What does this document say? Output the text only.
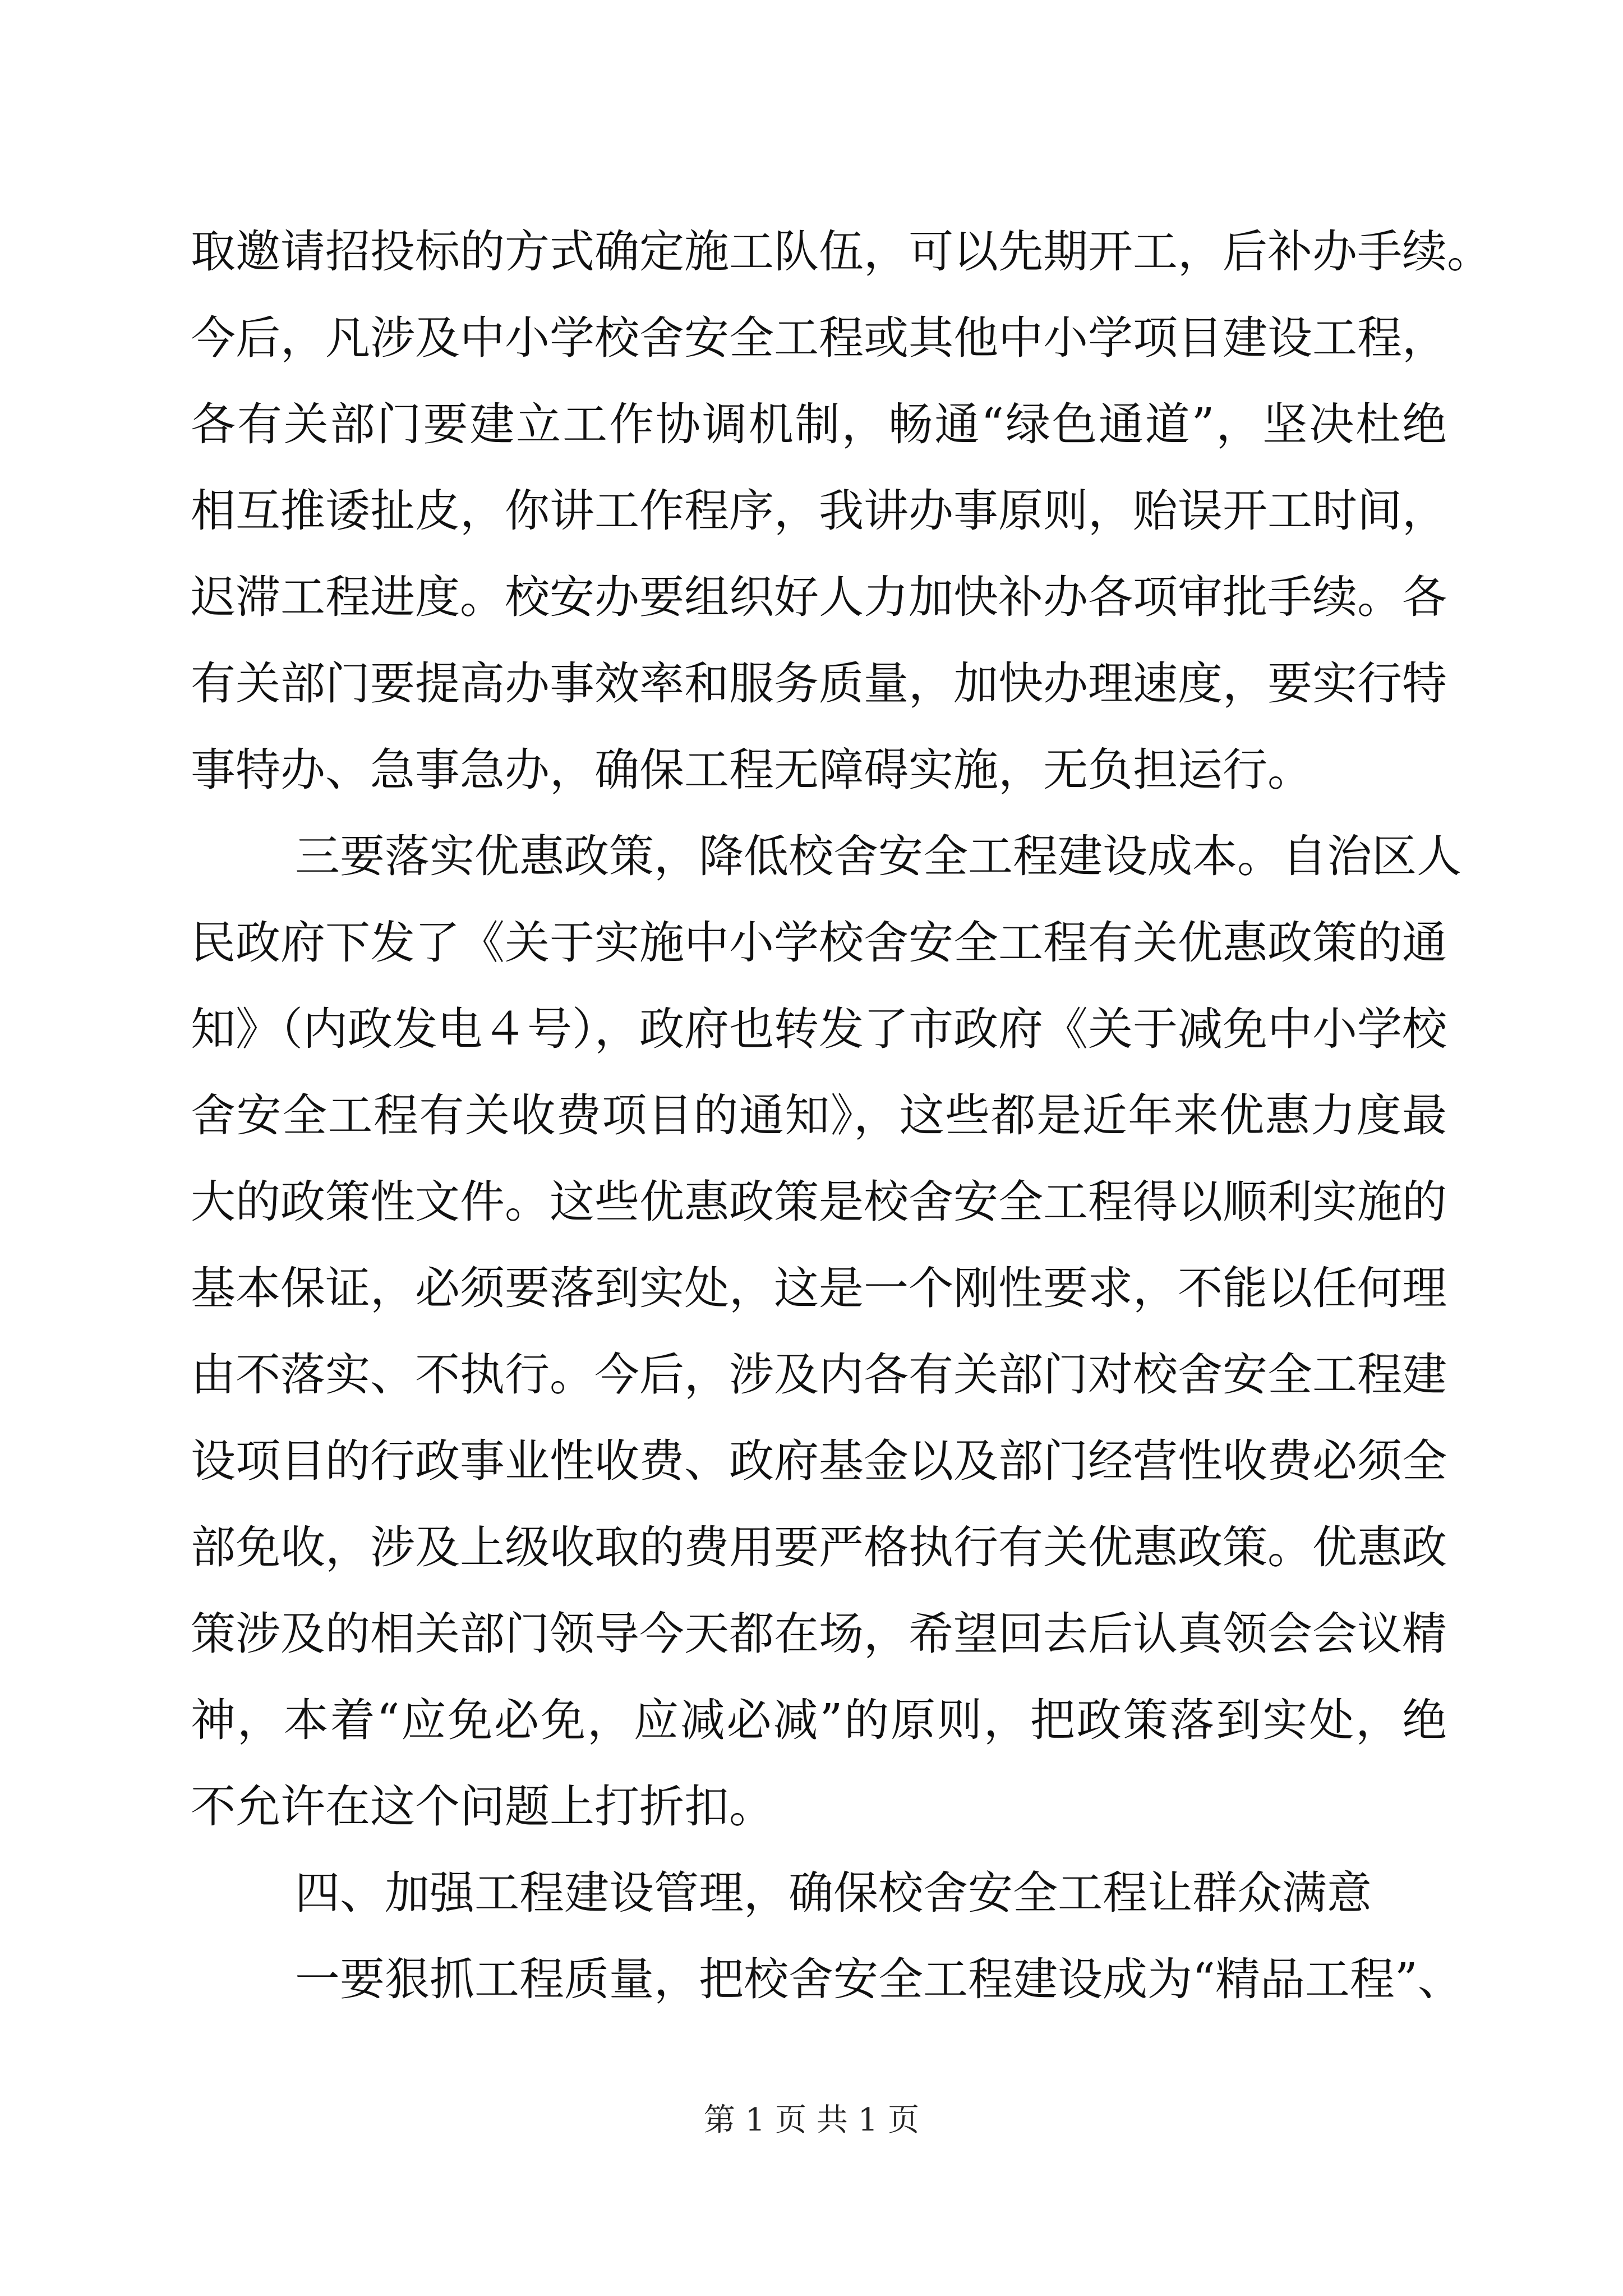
取邀请招投标的方式确定施工队伍，可以先期开工，后补办手续。
今后，凡涉及中小学校舍安全工程或其他中小学项目建设工程，
各有关部门要建立工作协调机制，畅通“绿色通道”，坚决杜绝
相互推诿扯皮，你讲工作程序，我讲办事原则，贻误开工时间，
迟滞工程进度。校安办要组织好人力加快补办各项审批手续。各
有关部门要提高办事效率和服务质量，加快办理速度，要实行特
事特办、急事急办，确保工程无障碍实施，无负担运行。
三要落实优惠政策，降低校舍安全工程建设成本。自治区人
民政府下发了《关于实施中小学校舍安全工程有关优惠政策的通
知》（内政发电４号），政府也转发了市政府《关于减免中小学校
舍安全工程有关收费项目的通知》，这些都是近年来优惠力度最
大的政策性文件。这些优惠政策是校舍安全工程得以顺利实施的
基本保证，必须要落到实处，这是一个刚性要求，不能以任何理
由不落实、不执行。今后，涉及内各有关部门对校舍安全工程建
设项目的行政事业性收费、政府基金以及部门经营性收费必须全
部免收，涉及上级收取的费用要严格执行有关优惠政策。优惠政
策涉及的相关部门领导今天都在场，希望回去后认真领会会议精
神，本着“应免必免，应减必减”的原则，把政策落到实处，绝
不允许在这个问题上打折扣。
四、加强工程建设管理，确保校舍安全工程让群众满意
一要狠抓工程质量，把校舍安全工程建设成为“精品工程”、
第 1 页 共 1 页
